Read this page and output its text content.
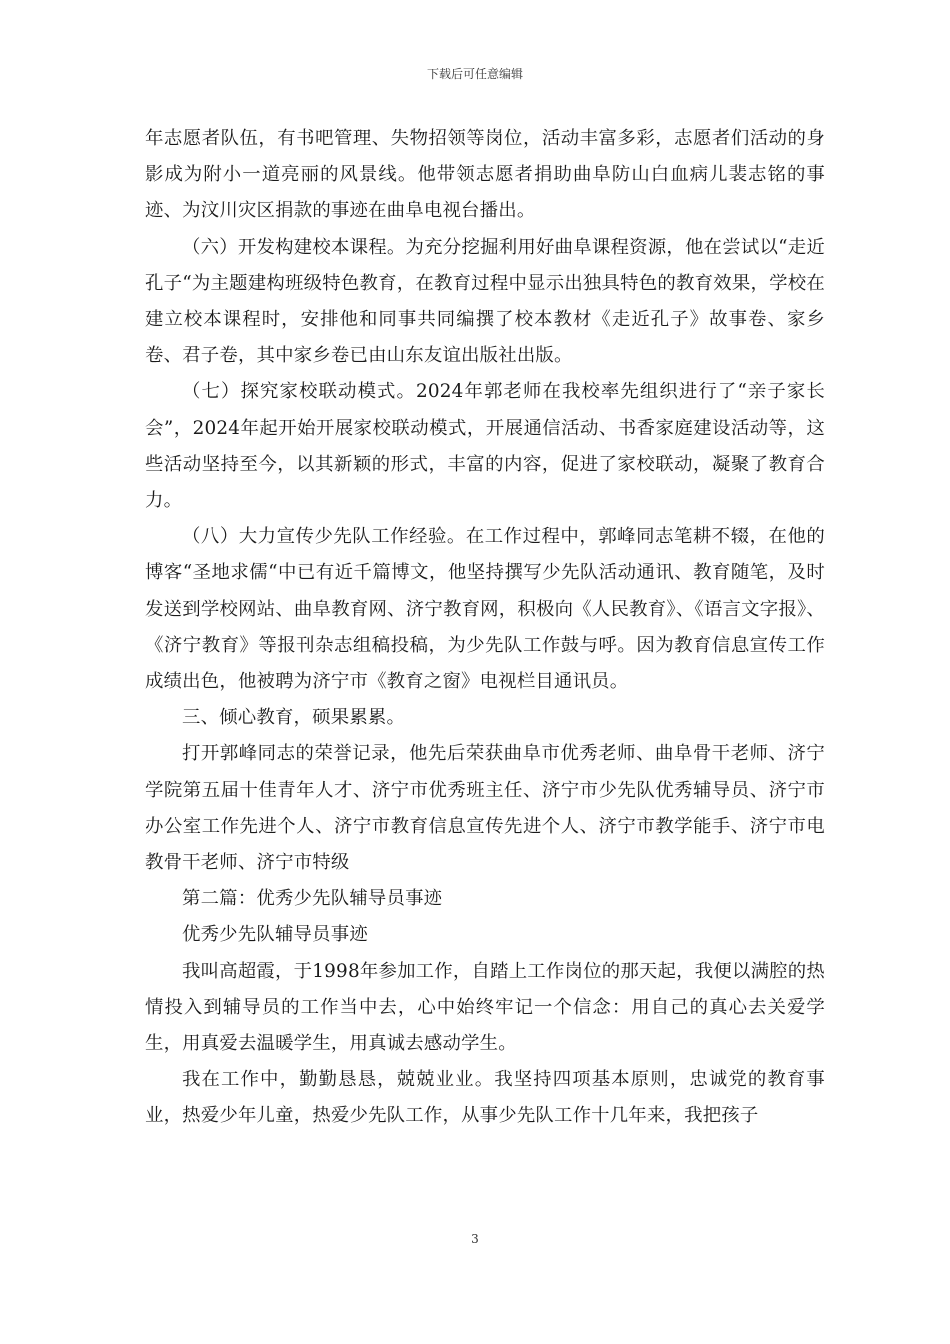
下载后可任意编辑

年志愿者队伍，有书吧管理、失物招领等岗位，活动丰富多彩，志愿者们活动的身影成为附小一道亮丽的风景线。他带领志愿者捐助曲阜防山白血病儿裴志铭的事迹、为汶川灾区捐款的事迹在曲阜电视台播出。

（六）开发构建校本课程。为充分挖掘利用好曲阜课程资源，他在尝试以“走近孔子“为主题建构班级特色教育，在教育过程中显示出独具特色的教育效果，学校在建立校本课程时，安排他和同事共同编撰了校本教材《走近孔子》故事卷、家乡卷、君子卷，其中家乡卷已由山东友谊出版社出版。

（七）探究家校联动模式。2024年郭老师在我校率先组织进行了“亲子家长会”，2024年起开始开展家校联动模式，开展通信活动、书香家庭建设活动等，这些活动坚持至今，以其新颖的形式，丰富的内容，促进了家校联动，凝聚了教育合力。

（八）大力宣传少先队工作经验。在工作过程中，郭峰同志笔耕不辍，在他的博客“圣地求儒“中已有近千篇博文，他坚持撰写少先队活动通讯、教育随笔，及时发送到学校网站、曲阜教育网、济宁教育网，积极向《人民教育》、《语言文字报》、《济宁教育》等报刊杂志组稿投稿，为少先队工作鼓与呼。因为教育信息宣传工作成绩出色，他被聘为济宁市《教育之窗》电视栏目通讯员。

三、倾心教育，硕果累累。

打开郭峰同志的荣誉记录，他先后荣获曲阜市优秀老师、曲阜骨干老师、济宁学院第五届十佳青年人才、济宁市优秀班主任、济宁市少先队优秀辅导员、济宁市办公室工作先进个人、济宁市教育信息宣传先进个人、济宁市教学能手、济宁市电教骨干老师、济宁市特级

第二篇：优秀少先队辅导员事迹

优秀少先队辅导员事迹

我叫高超霞，于1998年参加工作，自踏上工作岗位的那天起，我便以满腔的热情投入到辅导员的工作当中去，心中始终牢记一个信念：用自己的真心去关爱学生，用真爱去温暖学生，用真诚去感动学生。

我在工作中，勤勤恳恳，兢兢业业。我坚持四项基本原则，忠诚党的教育事业，热爱少年儿童，热爱少先队工作，从事少先队工作十几年来，我把孩子

3
